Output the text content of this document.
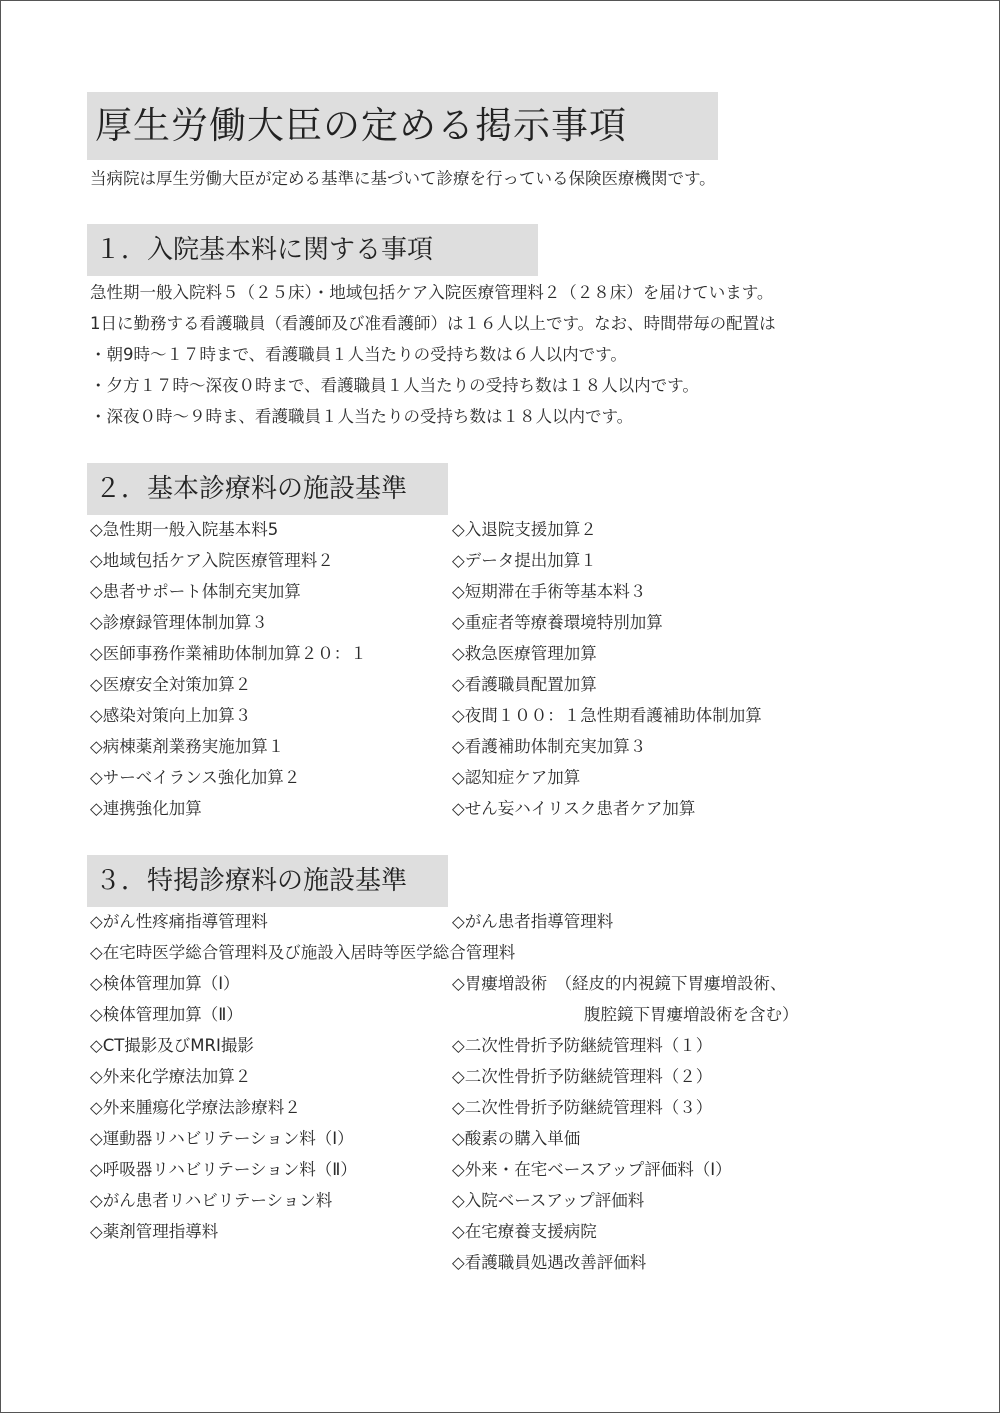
厚生労働大臣の定める掲示事項
当病院は厚生労働大臣が定める基準に基づいて診療を行っている保険医療機関です。
１．入院基本料に関する事項
急性期一般入院料５（２５床）・地域包括ケア入院医療管理料２（２８床）を届けています。
1日に勤務する看護職員（看護師及び准看護師）は１６人以上です。なお、時間帯毎の配置は
・朝9時～１７時まで、看護職員１人当たりの受持ち数は６人以内です。
・夕方１７時～深夜０時まで、看護職員１人当たりの受持ち数は１８人以内です。
・深夜０時～９時ま、看護職員１人当たりの受持ち数は１８人以内です。
２．基本診療料の施設基準
◇急性期一般入院基本料5
◇地域包括ケア入院医療管理料２
◇患者サポート体制充実加算
◇診療録管理体制加算３
◇医師事務作業補助体制加算２０：１
◇医療安全対策加算２
◇感染対策向上加算３
◇病棟薬剤業務実施加算１
◇サーベイランス強化加算２
◇連携強化加算
◇入退院支援加算２
◇データ提出加算１
◇短期滞在手術等基本料３
◇重症者等療養環境特別加算
◇救急医療管理加算
◇看護職員配置加算
◇夜間１００：１急性期看護補助体制加算
◇看護補助体制充実加算３
◇認知症ケア加算
◇せん妄ハイリスク患者ケア加算
３．特掲診療料の施設基準
◇がん性疼痛指導管理料	◇がん患者指導管理料
◇在宅時医学総合管理料及び施設入居時等医学総合管理料
◇検体管理加算（Ⅰ）
◇検体管理加算（Ⅱ）
◇CT撮影及びMRI撮影
◇外来化学療法加算２
◇外来腫瘍化学療法診療料２
◇運動器リハビリテーション料（Ⅰ）
◇呼吸器リハビリテーション料（Ⅱ）
◇がん患者リハビリテーション料
◇薬剤管理指導料
◇胃瘻増設術　（経皮的内視鏡下胃瘻増設術、
　　　　　　　　腹腔鏡下胃瘻増設術を含む）
◇二次性骨折予防継続管理料（１）
◇二次性骨折予防継続管理料（２）
◇二次性骨折予防継続管理料（３）
◇酸素の購入単価
◇外来・在宅ベースアップ評価料（Ⅰ）
◇入院ベースアップ評価料
◇在宅療養支援病院
◇看護職員処遇改善評価料
